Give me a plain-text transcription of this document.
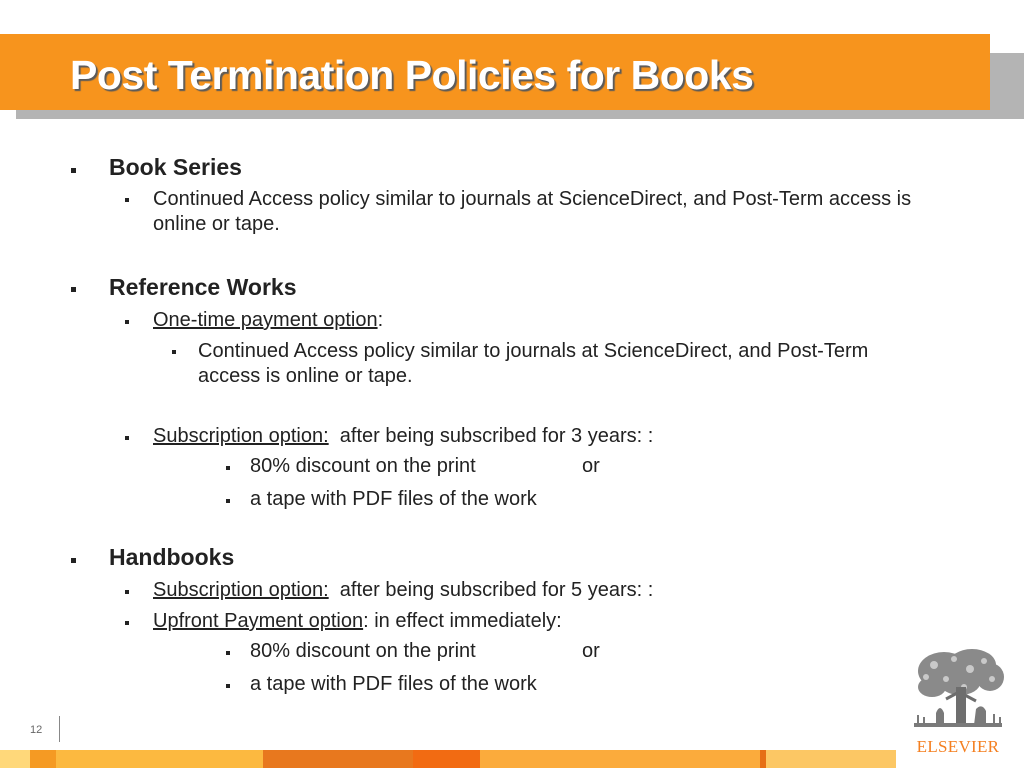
Post Termination Policies for Books
Book Series
Continued Access policy similar to journals at ScienceDirect, and Post-Term access is
online or tape.
Reference Works
One-time payment option:
Continued Access policy similar to journals at ScienceDirect, and Post-Term
access is online or tape.
Subscription option: after being subscribed for 3 years: :
80% discount on the print	or
a tape with PDF files of the work
Handbooks
Subscription option: after being subscribed for 5 years: :
Upfront Payment option: in effect immediately:
80% discount on the print	or
a tape with PDF files of the work
12
ELSEVIER
